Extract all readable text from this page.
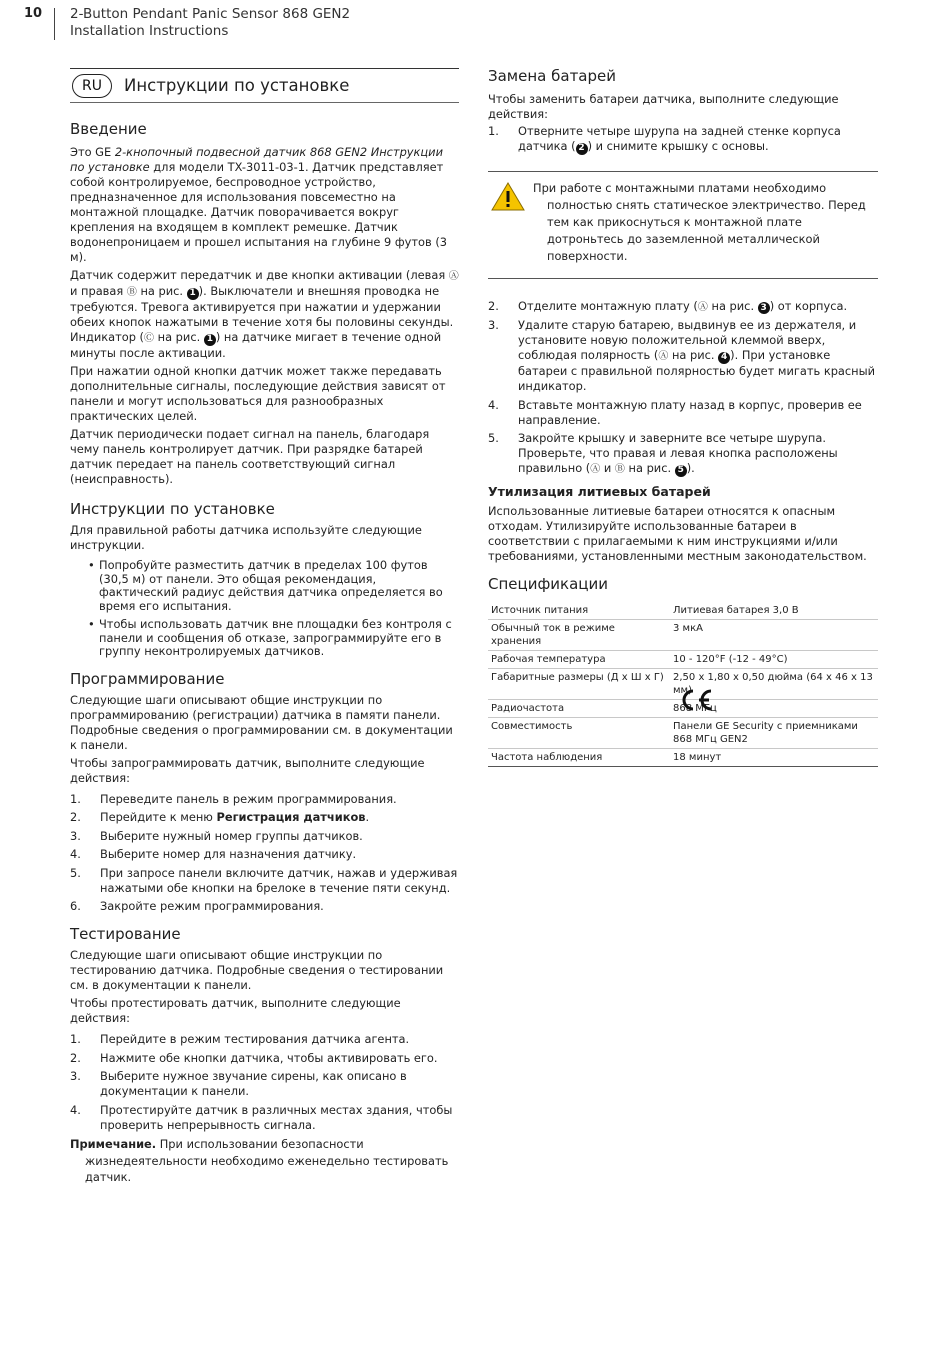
10 2-Button Pendant Panic Sensor 868 GEN2
Installation Instructions
RU	Инструкции по установке
Введение

Это GE 2-кнопочный подвесной датчик 868 GEN2 Инструкции по установке для модели TX-3011-03-1. Датчик представляет собой контролируемое, беспроводное устройство, предназначенное для использования повсеместно на монтажной площадке. Датчик поворачивается вокруг крепления на входящем в комплект ремешке. Датчик водонепроницаем и прошел испытания на глубине 9 футов (3 м).

Датчик содержит передатчик и две кнопки активации (левая Ⓐ и правая Ⓑ на рис. 1 ). Выключатели и внешняя проводка не требуются. Тревога активируется при нажатии и удержании обеих кнопок нажатыми в течение хотя бы половины секунды. Индикатор (Ⓒ на рис. 1 ) на датчике мигает в течение одной минуты после активации.

При нажатии одной кнопки датчик может также передавать дополнительные сигналы, последующие действия зависят от панели и могут использоваться для разнообразных практических целей.

Датчик периодически подает сигнал на панель, благодаря чему панель контролирует датчик. При разрядке батарей датчик передает на панель соответствующий сигнал (неисправность).

Инструкции по установке

Для правильной работы датчика используйте следующие инструкции.

• Попробуйте разместить датчик в пределах 100 футов (30,5 м) от панели. Это общая рекомендация, фактический радиус действия датчика определяется во время его испытания.
• Чтобы использовать датчик вне площадки без контроля с панели и сообщения об отказе, запрограммируйте его в группу неконтролируемых датчиков.
Программирование

Следующие шаги описывают общие инструкции по программированию (регистрации) датчика в памяти панели. Подробные сведения о программировании см. в документации к панели.

Чтобы запрограммировать датчик, выполните следующие действия:

1.	Переведите панель в режим программирования.
2.	Перейдите к меню Регистрация датчиков.
3.	Выберите нужный номер группы датчиков.
4.	Выберите номер для назначения датчику.
5.	При запросе панели включите датчик, нажав и удерживая нажатыми обе кнопки на брелоке в течение пяти секунд.
6.	Закройте режим программирования.
Тестирование

Следующие шаги описывают общие инструкции по тестированию датчика. Подробные сведения о тестировании см. в документации к панели.

Чтобы протестировать датчик, выполните следующие действия:

1.	Перейдите в режим тестирования датчика агента.
2.	Нажмите обе кнопки датчика, чтобы активировать его.
3.	Выберите нужное звучание сирены, как описано в документации к панели.
4.	Протестируйте датчик в различных местах здания, чтобы проверить непрерывность сигнала.

Примечание. При использовании безопасности жизнедеятельности необходимо еженедельно тестировать датчик.

Замена батарей

Чтобы заменить батареи датчика, выполните следующие действия:

1.	Отверните четыре шурупа на задней стенке корпуса датчика ( 2 ) и снимите крышку с основы.

При работе с монтажными платами необходимо полностью снять статическое электричество. Перед тем как прикоснуться к монтажной плате дотроньтесь до заземленной металлической поверхности.

2.	Отделите монтажную плату (Ⓐ на рис. 3 ) от корпуса.
3.	Удалите старую батарею, выдвинув ее из держателя, и установите новую положительной клеммой вверх, соблюдая полярность (Ⓐ на рис. 4 ). При установке батареи с правильной полярностью будет мигать красный индикатор.
4.	Вставьте монтажную плату назад в корпус, проверив ее направление.
5.	Закройте крышку и заверните все четыре шурупа. Проверьте, что правая и левая кнопка расположены правильно (Ⓐ и Ⓑ на рис. 5 ).
Утилизация литиевых батарей

Использованные литиевые батареи относятся к опасным отходам. Утилизируйте использованные батареи в соответствии с прилагаемыми к ним инструкциями и/или требованиями, установленными местным законодательством.

Спецификации
Источник питания	Литиевая батарея 3,0 В
Обычный ток в режиме хранения	3 мкА
Рабочая температура	10 - 120°F (-12 - 49°C)
Габаритные размеры (Д x Ш x Г)	2,50 x 1,80 x 0,50 дюйма (64 x 46 x 13 мм)
Радиочастота	868 МГц
Совместимость	Панели GE Security с приемниками 868 МГц GEN2
Частота наблюдения	18 минут
